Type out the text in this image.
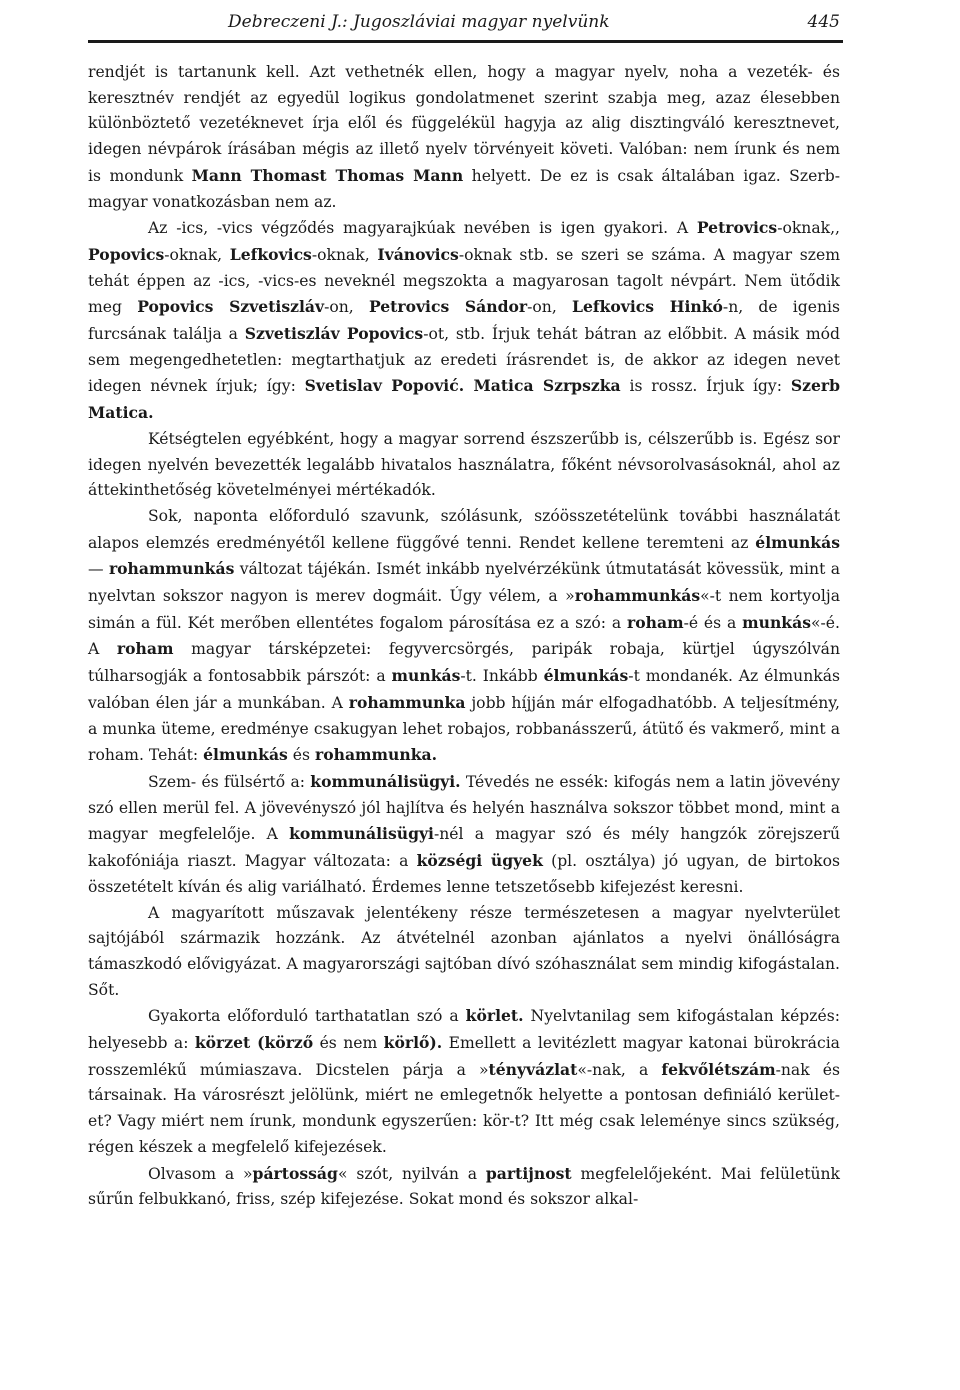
Debreczeni J.: Jugoszláviai magyar nyelvünk	445

rendjét is tartanunk kell. Azt vethetnék ellen, hogy a magyar nyelv, noha a vezeték- és keresztnév rendjét az egyedül logikus gondolatmenet szerint szabja meg, azaz élesebben különböztető vezetéknevet írja elől és függelékül hagyja az alig disztingváló keresztnevet, idegen névpárok írásában mégis az illető nyelv törvényeit követi. Valóban: nem írunk és nem is mondunk Mann Thomast Thomas Mann helyett. De ez is csak általában igaz. Szerb-magyar vonatkozásban nem az.

Az -ics, -vics végződés magyarajkúak nevében is igen gyakori. A Petrovics-oknak,, Popovics-oknak, Lefkovics-oknak, Ivánovics-oknak stb. se szeri se száma. A magyar szem tehát éppen az -ics, -vics-es neveknél megszokta a magyarosan tagolt névpárt. Nem ütődik meg Popovics Szvetiszláv-on, Petrovics Sándor-on, Lefkovics Hinkó-n, de igenis furcsának találja a Szvetiszláv Popovics-ot, stb. Írjuk tehát bátran az előbbit. A másik mód sem megengedhetetlen: megtarthatjuk az eredeti írásrendet is, de akkor az idegen nevet idegen névnek írjuk; így: Svetislav Popović. Matica Szrpszka is rossz. Írjuk így: Szerb Matica.

Kétségtelen egyébként, hogy a magyar sorrend észszerűbb is, célszerűbb is. Egész sor idegen nyelvén bevezették legalább hivatalos használatra, főként névsorolvasásoknál, ahol az áttekinthetőség követelményei mértékadók.

Sok, naponta előforduló szavunk, szólásunk, szóösszetételünk további használatát alapos elemzés eredményétől kellene függővé tenni. Rendet kellene teremteni az élmunkás — rohammunkás változat tájékán. Ismét inkább nyelvérzékünk útmutatását kövessük, mint a nyelvtan sokszor nagyon is merev dogmáit. Úgy vélem, a »rohammunkás«-t nem kortyolja simán a fül. Két merőben ellentétes fogalom párosítása ez a szó: a roham-é és a munkás«-é. A roham magyar társképzetei: fegyvercsörgés, paripák robaja, kürtjel úgyszólván túlharsogják a fontosabbik párszót: a munkás-t. Inkább élmunkás-t mondanék. Az élmunkás valóban élen jár a munkában. A rohammunka jobb híjján már elfogadhatóbb. A teljesítmény, a munka üteme, eredménye csakugyan lehet robajos, robbanásszerű, átütő és vakmerő, mint a roham. Tehát: élmunkás és rohammunka.

Szem- és fülsértő a: kommunálisügyi. Tévedés ne essék: kifogás nem a latin jövevény szó ellen merül fel. A jövevényszó jól hajlítva és helyén használva sokszor többet mond, mint a magyar megfelelője. A kommunálisügyi-nél a magyar szó és mély hangzók zörejszerű kakofóniája riaszt. Magyar változata: a községi ügyek (pl. osztálya) jó ugyan, de birtokos összetételt kíván és alig variálható. Érdemes lenne tetszetősebb kifejezést keresni.

A magyarított műszavak jelentékeny része természetesen a magyar nyelvterület sajtójából származik hozzánk. Az átvételnél azonban ajánlatos a nyelvi önállóságra támaszkodó elővigyázat. A magyarországi sajtóban dívó szóhasználat sem mindig kifogástalan. Sőt.

Gyakorta előforduló tarthatatlan szó a körlet. Nyelvtanilag sem kifogástalan képzés: helyesebb a: körzet (körző és nem körlő). Emellett a levitézlett magyar katonai bürokrácia rosszemlékű múmiaszava. Dicstelen párja a »tényvázlat«-nak, a fekvőlétszám-nak és társainak. Ha városrészt jelölünk, miért ne emlegetnők helyette a pontosan definiáló kerület-et? Vagy miért nem írunk, mondunk egyszerűen: kör-t? Itt még csak leleménye sincs szükség, régen készek a megfelelő kifejezések.

Olvasom a »pártosság« szót, nyilván a partijnost megfelelőjeként. Mai felületünk sűrűn felbukkanó, friss, szép kifejezése. Sokat mond és sokszor alkal-
